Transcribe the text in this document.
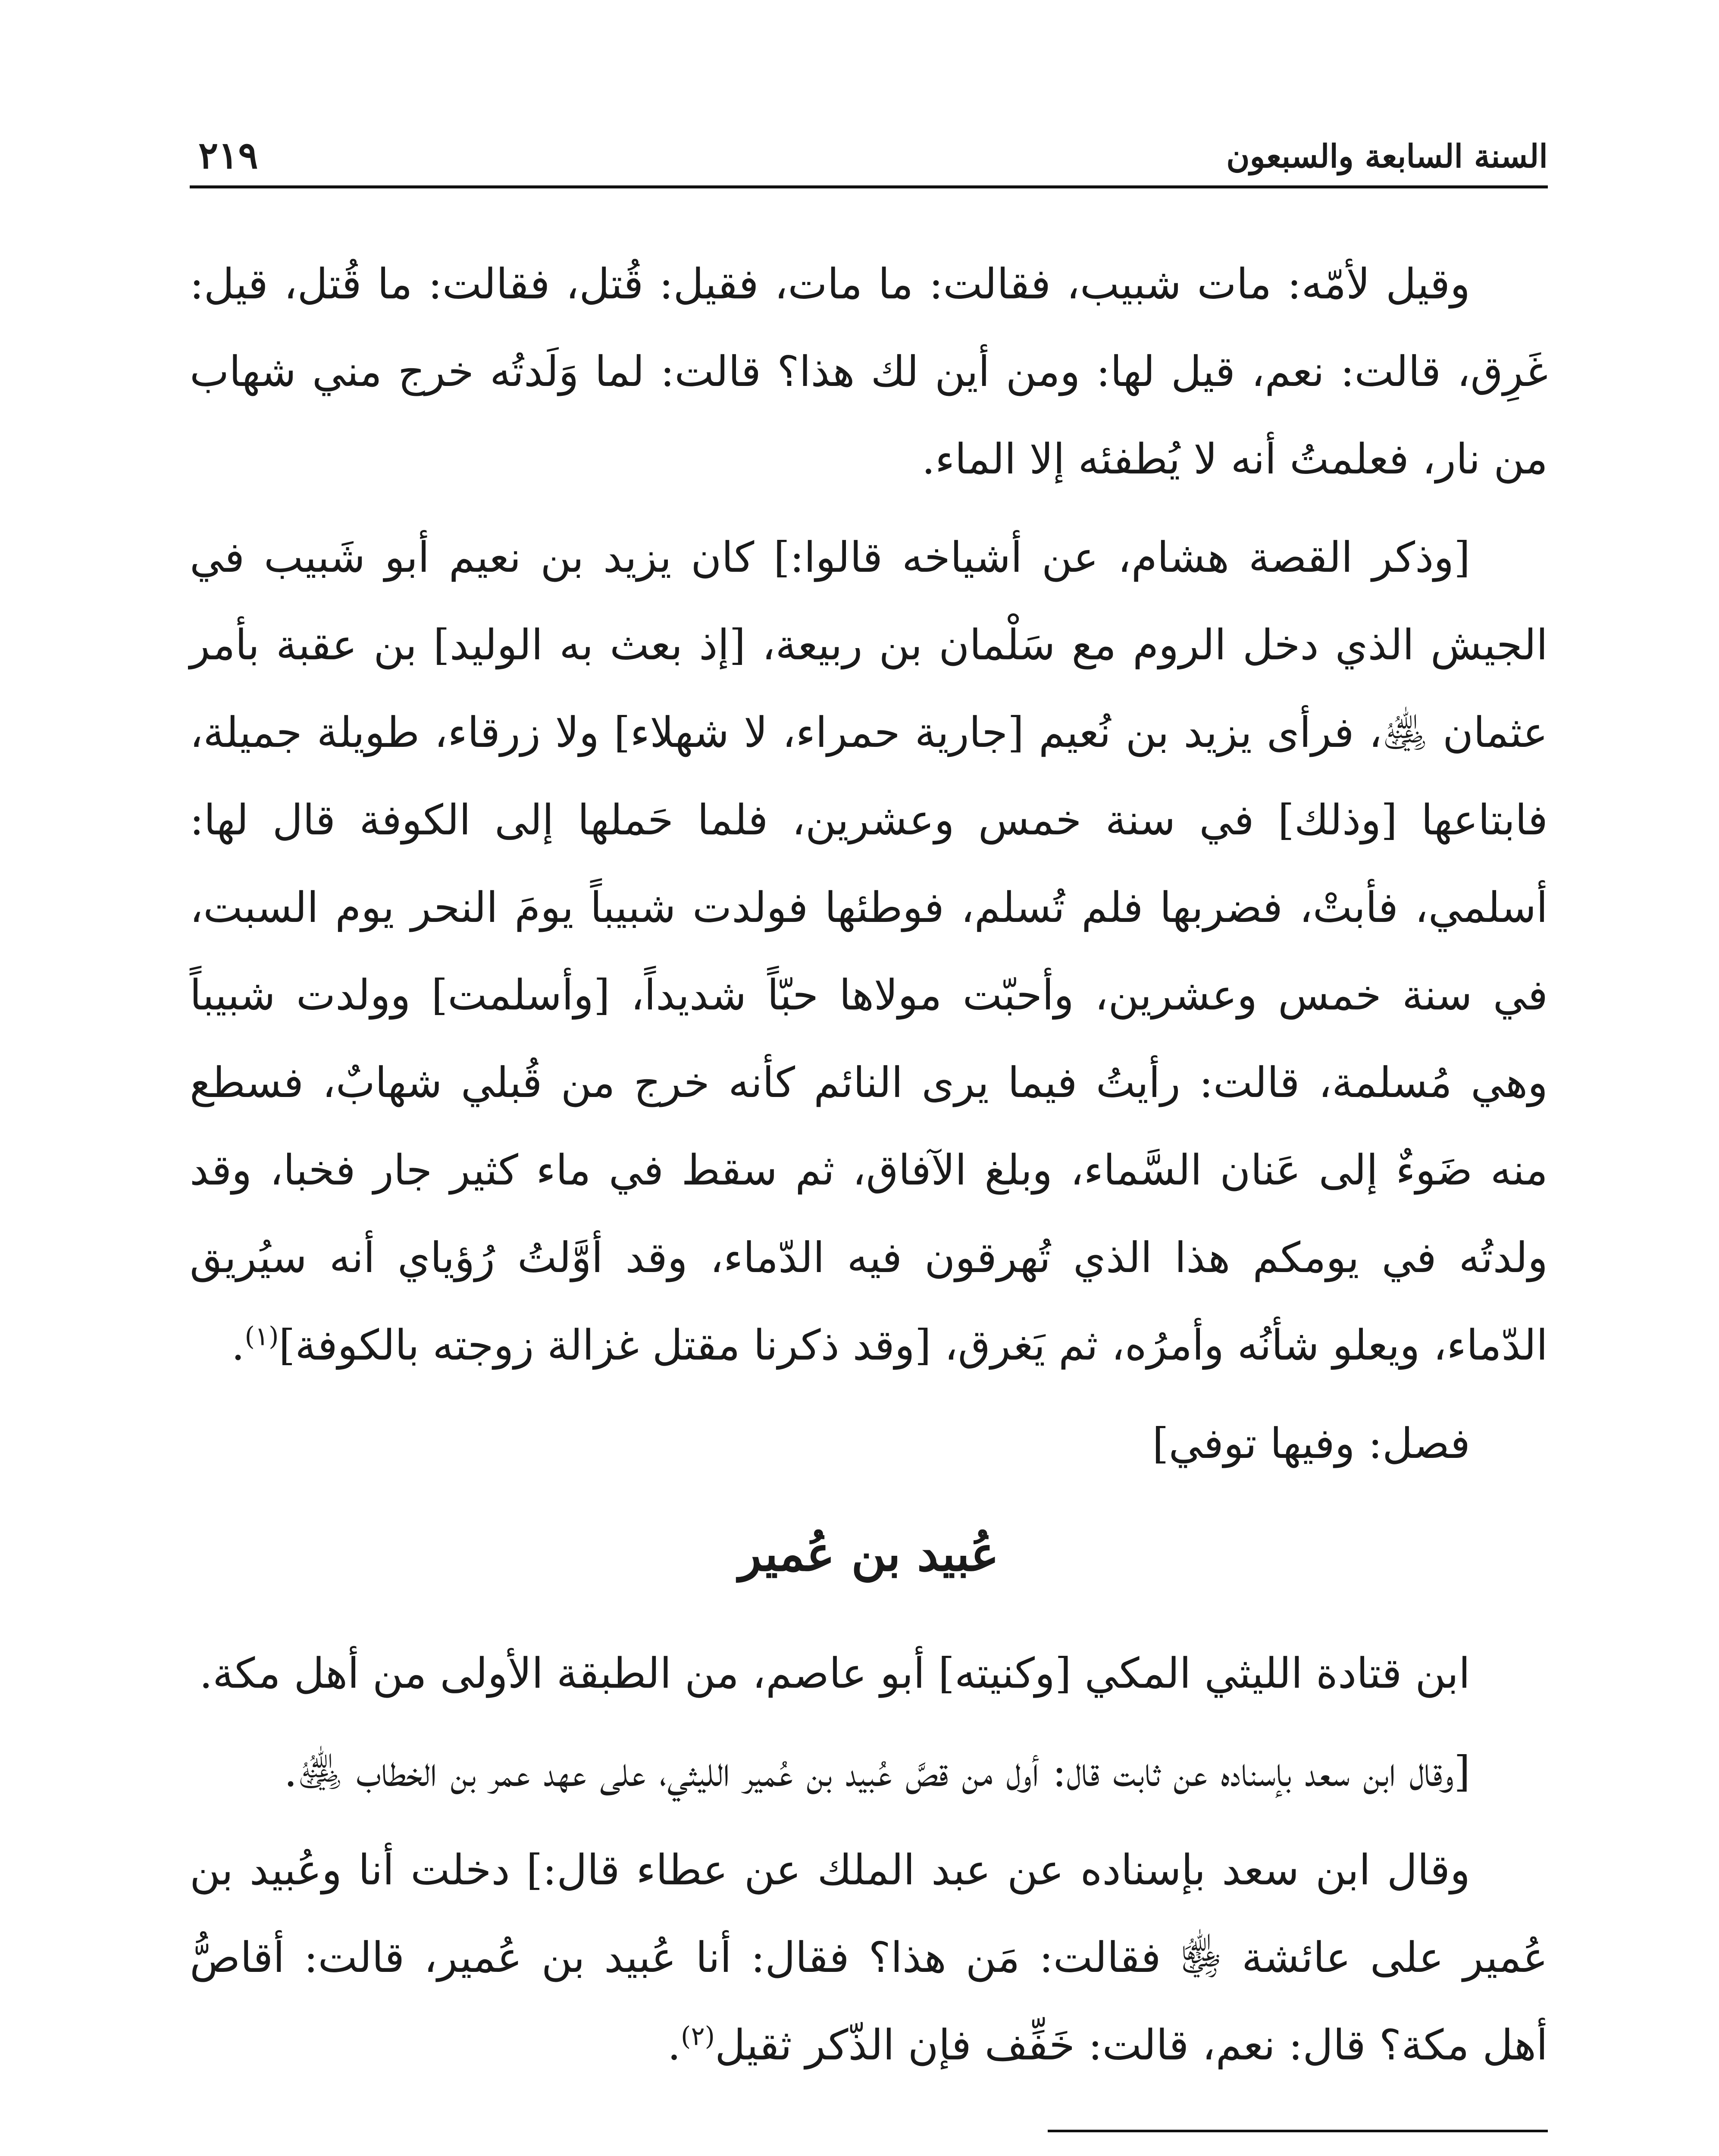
السنة السابعة والسبعون
٢١٩

وقيل لأمّه: مات شبيب، فقالت: ما مات، فقيل: قُتل، فقالت: ما قُتل، قيل: غَرِق، قالت: نعم، قيل لها: ومن أين لك هذا؟ قالت: لما وَلَدتُه خرج مني شهاب من نار، فعلمتُ أنه لا يُطفئه إلا الماء.

[وذكر القصة هشام، عن أشياخه قالوا:] كان يزيد بن نعيم أبو شَبيب في الجيش الذي دخل الروم مع سَلْمان بن ربيعة، [إذ بعث به الوليد] بن عقبة بأمر عثمان ﵁، فرأى يزيد بن نُعيم [جارية حمراء، لا شهلاء] ولا زرقاء، طويلة جميلة، فابتاعها [وذلك] في سنة خمس وعشرين، فلما حَملها إلى الكوفة قال لها: أسلمي، فأبتْ، فضربها فلم تُسلم، فوطئها فولدت شبيباً يومَ النحر يوم السبت، في سنة خمس وعشرين، وأحبّت مولاها حبّاً شديداً، [وأسلمت] وولدت شبيباً وهي مُسلمة، قالت: رأيتُ فيما يرى النائم كأنه خرج من قُبلي شهابٌ، فسطع منه ضَوءٌ إلى عَنان السَّماء، وبلغ الآفاق، ثم سقط في ماء كثير جار فخبا، وقد ولدتُه في يومكم هذا الذي تُهرقون فيه الدّماء، وقد أوَّلتُ رُؤياي أنه سيُريق الدّماء، ويعلو شأنُه وأمرُه، ثم يَغرق، [وقد ذكرنا مقتل غزالة زوجته بالكوفة]$^{(١)}$.

فصل: وفيها توفي]

عُبيد بن عُمير

ابن قتادة الليثي المكي [وكنيته] أبو عاصم، من الطبقة الأولى من أهل مكة.

[وقال ابن سعد بإسناده عن ثابت قال: أول من قصَّ عُبيد بن عُمير الليثي، على عهد عمر بن الخطاب ﵁.

وقال ابن سعد بإسناده عن عبد الملك عن عطاء قال:] دخلت أنا وعُبيد بن عُمير على عائشة ﵂ فقالت: مَن هذا؟ فقال: أنا عُبيد بن عُمير، قالت: أقاصُّ أهل مكة؟ قال: نعم، قالت: خَفِّف فإن الذّكر ثقيل$^{(٢)}$.
